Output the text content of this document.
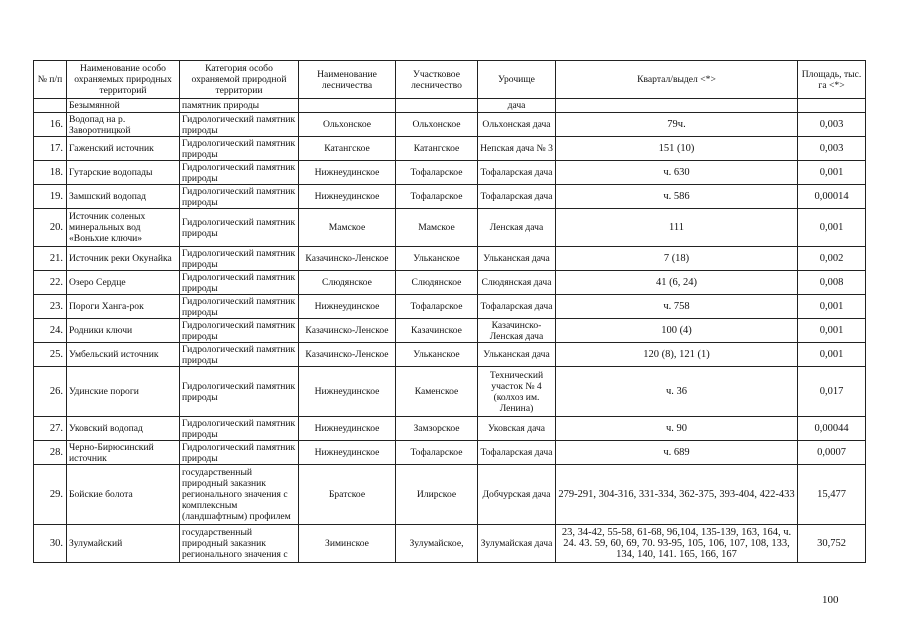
№ п/п	Наименование особо охраняемых природных территорий	Категория особо охраняемой природной территории	Наименование лесничества	Участковое лесничество	Урочище	Квартал/выдел <*>	Площадь, тыс. га <*>
	Безымянной	памятник природы			дача		
16.	Водопад на р. Заворотницкой	Гидрологический памятник природы	Ольхонское	Ольхонское	Ольхонская дача	79ч.	0,003
17.	Гаженский источник	Гидрологический памятник природы	Катангское	Катангское	Непская дача № 3	151 (10)	0,003
18.	Гутарские водопады	Гидрологический памятник природы	Нижнеудинское	Тофаларское	Тофаларская дача	ч. 630	0,001
19.	Замшский водопад	Гидрологический памятник природы	Нижнеудинское	Тофаларское	Тофаларская дача	ч. 586	0,00014
20.	Источник соленых минеральных вод «Воньхие ключи»	Гидрологический памятник природы	Мамское	Мамское	Ленская дача	111	0,001
21.	Источник реки Окунайка	Гидрологический памятник природы	Казачинско-Ленское	Ульканское	Ульканская дача	7 (18)	0,002
22.	Озеро Сердце	Гидрологический памятник природы	Слюдянское	Слюдянское	Слюдянская дача	41 (6, 24)	0,008
23.	Пороги Ханга-рок	Гидрологический памятник природы	Нижнеудинское	Тофаларское	Тофаларская дача	ч. 758	0,001
24.	Родники ключи	Гидрологический памятник природы	Казачинско-Ленское	Казачинское	Казачинско-Ленская дача	100 (4)	0,001
25.	Умбельский источник	Гидрологический памятник природы	Казачинско-Ленское	Ульканское	Ульканская дача	120 (8), 121 (1)	0,001
26.	Удинские пороги	Гидрологический памятник природы	Нижнеудинское	Каменское	Технический участок № 4 (колхоз им. Ленина)	ч. 36	0,017
27.	Уковский водопад	Гидрологический памятник природы	Нижнеудинское	Замзорское	Уковская дача	ч. 90	0,00044
28.	Черно-Бирюсинский источник	Гидрологический памятник природы	Нижнеудинское	Тофаларское	Тофаларская дача	ч. 689	0,0007
29.	Бойские болота	государственный природный заказник регионального значения с комплексным (ландшафтным) профилем	Братское	Илирское	Добчурская дача	279-291, 304-316, 331-334, 362-375, 393-404, 422-433	15,477
30.	Зулумайский	государственный природный заказник регионального значения с	Зиминское	Зулумайское,	Зулумайская дача	23, 34-42, 55-58, 61-68, 96,104, 135-139, 163, 164, ч. 24. 43. 59, 60, 69, 70. 93-95, 105, 106, 107, 108, 133, 134, 140, 141. 165, 166, 167	30,752
100
